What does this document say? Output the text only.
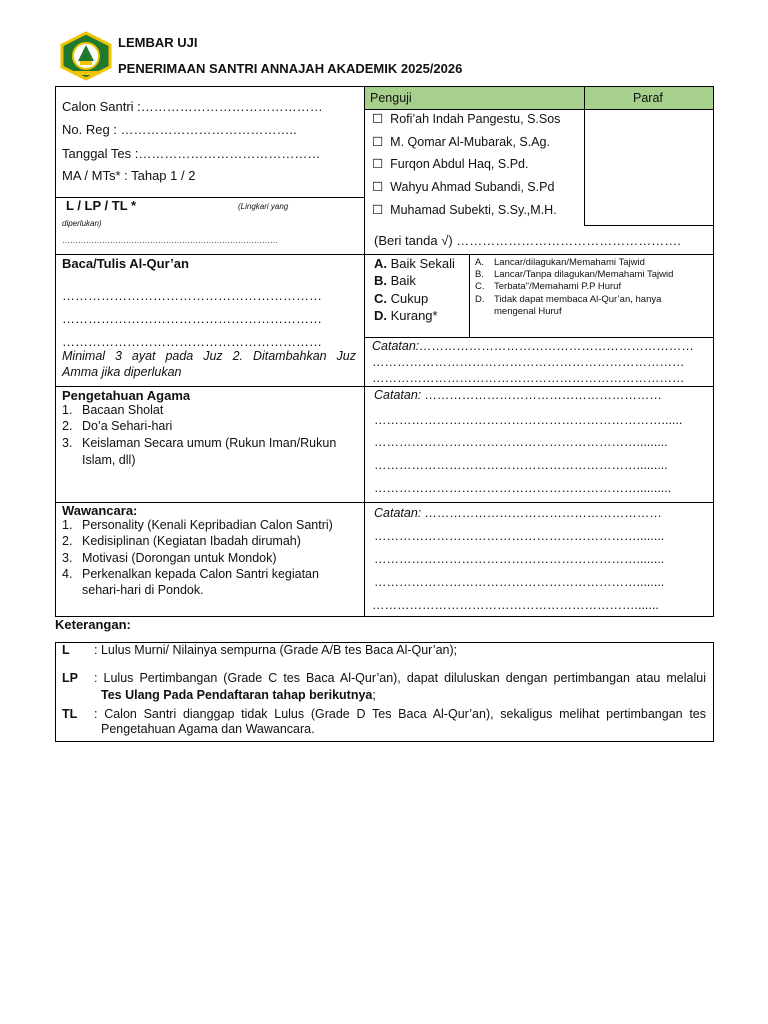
LEMBAR UJI
PENERIMAAN SANTRI ANNAJAH AKADEMIK 2025/2026
Penguji	Paraf
Calon Santri :……………………………………
No. Reg : …………………………………..
Tanggal Tes :……………………………………
MA / MTs* : Tahap 1 / 2
L / LP / TL *	(Lingkari yang
diperlukan)
………………………………………………………………………
☐ Rofi’ah Indah Pangestu, S.Sos
☐ M. Qomar Al-Mubarak, S.Ag.
☐ Furqon Abdul Haq, S.Pd.
☐ Wahyu Ahmad Subandi, S.Pd
☐ Muhamad Subekti, S.Sy.,M.H.
(Beri tanda √) …………………………………………….
Baca/Tulis Al-Qur’an
……………………………………………………
……………………………………………………
……………………………………………………
Minimal 3 ayat pada Juz 2. Ditambahkan Juz
Amma jika diperlukan
A. Baik Sekali
B. Baik
C. Cukup
D. Kurang*
A. Lancar/dilagukan/Memahami Tajwid
B. Lancar/Tanpa dilagukan/Memahami Tajwid
C. Terbata"/Memahami P.P Huruf
D. Tidak dapat membaca Al-Qur’an, hanya
mengenal Huruf
Catatan:…………………………………………………………
…………………………………………………………………
…………………………………………………………………
Pengetahuan Agama
1. Bacaan Sholat
2. Do’a Sehari-hari
3. Keislaman Secara umum (Rukun Iman/Rukun
Islam, dll)
Catatan: …………………………………………………
……………………………………………………………......
……………………………………………………….........
……………………………………………………….........
………………………………………………………..........
Wawancara:
1. Personality (Kenali Kepribadian Calon Santri)
2. Kedisiplinan (Kegiatan Ibadah dirumah)
3. Motivasi (Dorongan untuk Mondok)
4. Perkenalkan kepada Calon Santri kegiatan
sehari-hari di Pondok.
Catatan: …………………………………………………
………………………………………………………........
………………………………………………………........
………………………………………………………........
……………………………………………………….......
Keterangan:
L : Lulus Murni/ Nilainya sempurna (Grade A/B tes Baca Al-Qur’an);
LP : Lulus Pertimbangan (Grade C tes Baca Al-Qur’an), dapat diluluskan dengan pertimbangan atau melalui
Tes Ulang Pada Pendaftaran tahap berikutnya;
TL : Calon Santri dianggap tidak Lulus (Grade D Tes Baca Al-Qur’an), sekaligus melihat pertimbangan tes
Pengetahuan Agama dan Wawancara.
